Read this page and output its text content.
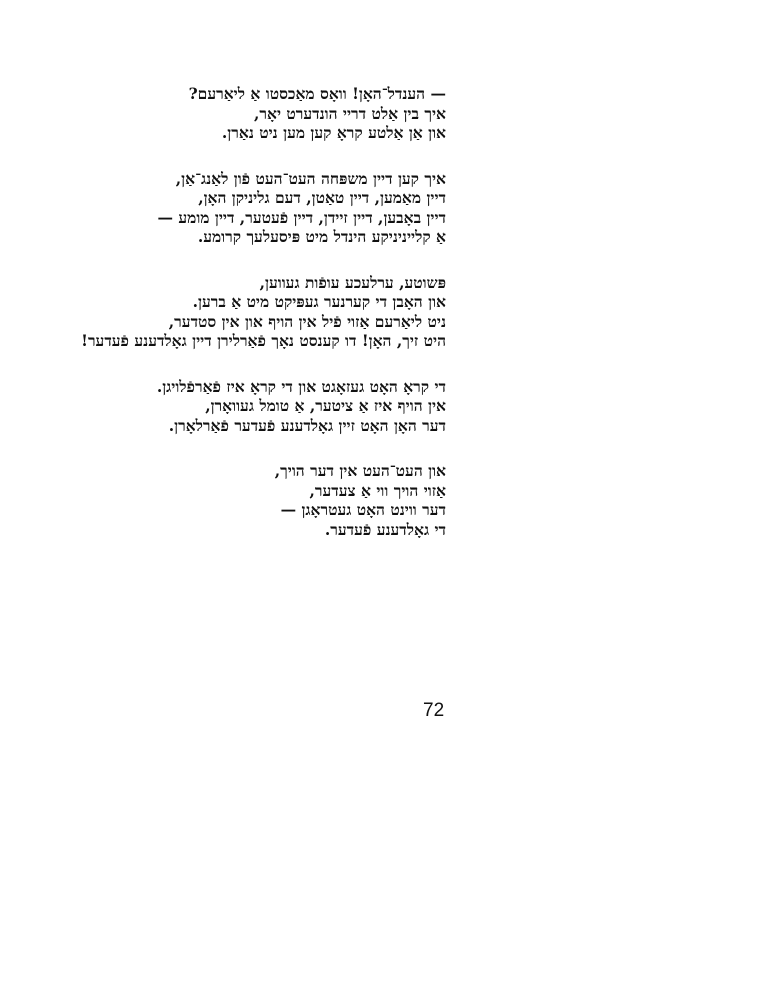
— הענדל־האָן! וואָס מאַכסטו אַ ליאַרעם?
איך בין אַלט דריי הונדערט יאָר,
און אַן אַלטע קראָ קען מען ניט נאַרן.
איך קען דיין משפּחה העט־העט פֿון לאַנג־אַן,
דיין מאַמען, דיין טאַטן, דעם גליניקן האָן,
דיין באָבען, דיין זיידן, דיין פֿעטער, דיין מומע —
אַ קלייניניקע הינדל מיט פּיסעלעך קרומע.
פּשוטע, ערלעכע עופֿות געווען,
און האָבן די קערנער געפּיקט מיט אַ ברען.
ניט ליאַרעם אַזוי פֿיל אין הויף און אין סטדער,
היט זיך, האָן! דו קענסט נאָך פֿאַרלירן דיין גאָלדענע פֿעדער!
די קראָ האָט געזאָגט און די קראָ איז פֿאַרפֿלויגן.
אין הויף איז אַ ציטער, אַ טומל געוואָרן,
דער האָן האָט זיין גאָלדענע פֿעדער פֿאַרלאָרן.
און העט־העט אין דער הויך,
אַזוי הויך ווי אַ צעדער,
דער ווינט האָט געטראָגן —
די גאָלדענע פֿעדער.
72
